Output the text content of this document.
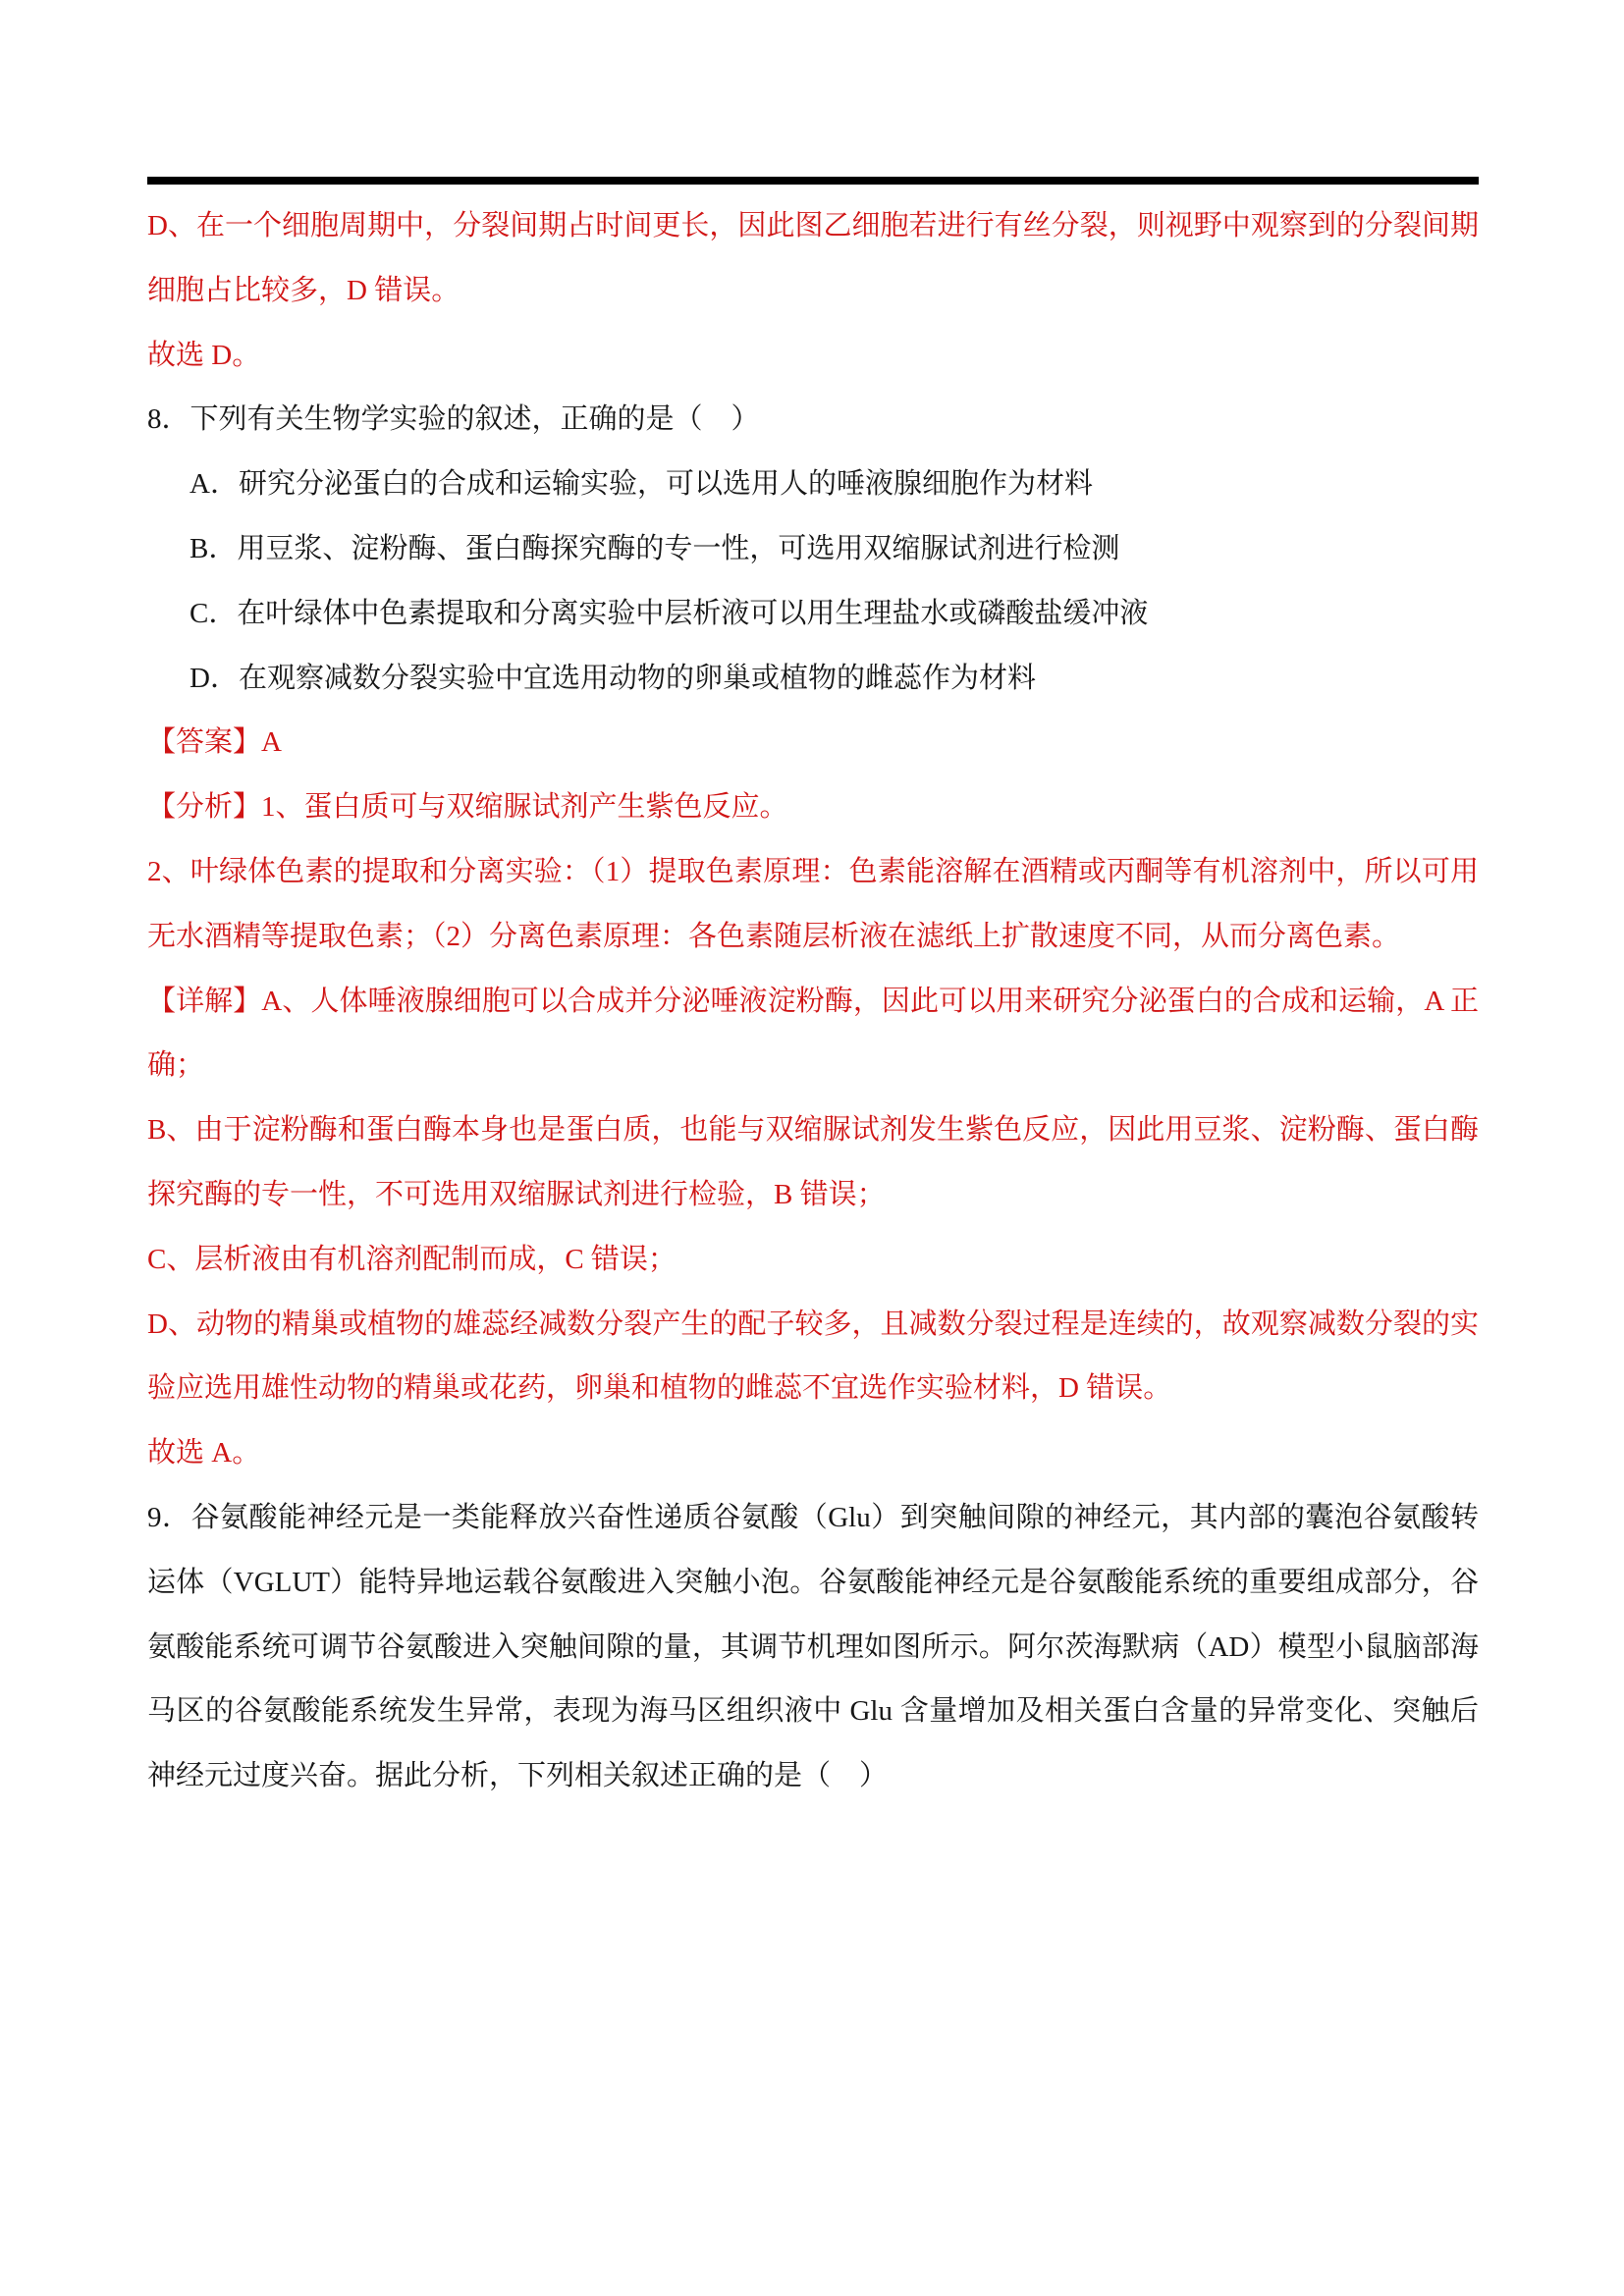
D、在一个细胞周期中，分裂间期占时间更长，因此图乙细胞若进行有丝分裂，则视野中观察到的分裂间期细胞占比较多，D 错误。

故选 D。

8．下列有关生物学实验的叙述，正确的是（　）

A．研究分泌蛋白的合成和运输实验，可以选用人的唾液腺细胞作为材料

B．用豆浆、淀粉酶、蛋白酶探究酶的专一性，可选用双缩脲试剂进行检测

C．在叶绿体中色素提取和分离实验中层析液可以用生理盐水或磷酸盐缓冲液

D．在观察减数分裂实验中宜选用动物的卵巢或植物的雌蕊作为材料

【答案】A

【分析】1、蛋白质可与双缩脲试剂产生紫色反应。

2、叶绿体色素的提取和分离实验：（1）提取色素原理：色素能溶解在酒精或丙酮等有机溶剂中，所以可用无水酒精等提取色素；（2）分离色素原理：各色素随层析液在滤纸上扩散速度不同，从而分离色素。

【详解】A、人体唾液腺细胞可以合成并分泌唾液淀粉酶，因此可以用来研究分泌蛋白的合成和运输，A 正确；

B、由于淀粉酶和蛋白酶本身也是蛋白质，也能与双缩脲试剂发生紫色反应，因此用豆浆、淀粉酶、蛋白酶探究酶的专一性，不可选用双缩脲试剂进行检验，B 错误；

C、层析液由有机溶剂配制而成，C 错误；

D、动物的精巢或植物的雄蕊经减数分裂产生的配子较多，且减数分裂过程是连续的，故观察减数分裂的实验应选用雄性动物的精巢或花药，卵巢和植物的雌蕊不宜选作实验材料，D 错误。

故选 A。

9．谷氨酸能神经元是一类能释放兴奋性递质谷氨酸（Glu）到突触间隙的神经元，其内部的囊泡谷氨酸转运体（VGLUT）能特异地运载谷氨酸进入突触小泡。谷氨酸能神经元是谷氨酸能系统的重要组成部分，谷氨酸能系统可调节谷氨酸进入突触间隙的量，其调节机理如图所示。阿尔茨海默病（AD）模型小鼠脑部海马区的谷氨酸能系统发生异常，表现为海马区组织液中 Glu 含量增加及相关蛋白含量的异常变化、突触后神经元过度兴奋。据此分析，下列相关叙述正确的是（　）
